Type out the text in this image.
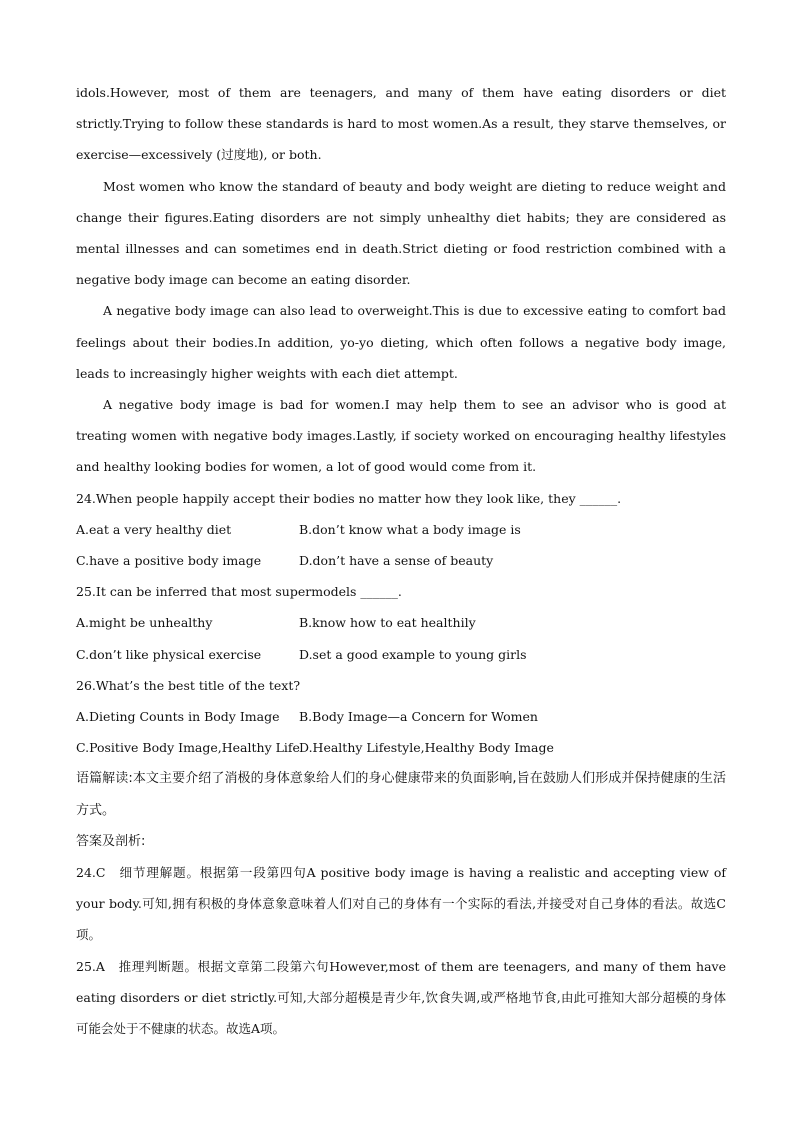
idols.However, most of them are teenagers, and many of them have eating disorders or diet strictly.Trying to follow these standards is hard to most women.As a result, they starve themselves, or exercise—excessively (过度地), or both.

Most women who know the standard of beauty and body weight are dieting to reduce weight and change their figures.Eating disorders are not simply unhealthy diet habits; they are considered as mental illnesses and can sometimes end in death.Strict dieting or food restriction combined with a negative body image can become an eating disorder.

A negative body image can also lead to overweight.This is due to excessive eating to comfort bad feelings about their bodies.In addition, yo-yo dieting, which often follows a negative body image, leads to increasingly higher weights with each diet attempt.

A negative body image is bad for women.I may help them to see an advisor who is good at treating women with negative body images.Lastly, if society worked on encouraging healthy lifestyles and healthy looking bodies for women, a lot of good would come from it.

24.When people happily accept their bodies no matter how they look like, they ______.

A.eat a very healthy diet	B.don’t know what a body image is
C.have a positive body image	D.don’t have a sense of beauty

25.It can be inferred that most supermodels ______.

A.might be unhealthy	B.know how to eat healthily
C.don’t like physical exercise	D.set a good example to young girls

26.What’s the best title of the text?

A.Dieting Counts in Body Image	B.Body Image—a Concern for Women
C.Positive Body Image,Healthy Life D.Healthy Lifestyle,Healthy Body Image

语篇解读:本文主要介绍了消极的身体意象给人们的身心健康带来的负面影响,旨在鼓励人们形成并保持健康的生活方式。

答案及剖析:

24.C　细节理解题。根据第一段第四句A positive body image is having a realistic and accepting view of your body.可知,拥有积极的身体意象意味着人们对自己的身体有一个实际的看法,并接受对自己身体的看法。故选C项。

25.A　推理判断题。根据文章第二段第六句However,most of them are teenagers, and many of them have eating disorders or diet strictly.可知,大部分超模是青少年,饮食失调,或严格地节食,由此可推知大部分超模的身体可能会处于不健康的状态。故选A项。
